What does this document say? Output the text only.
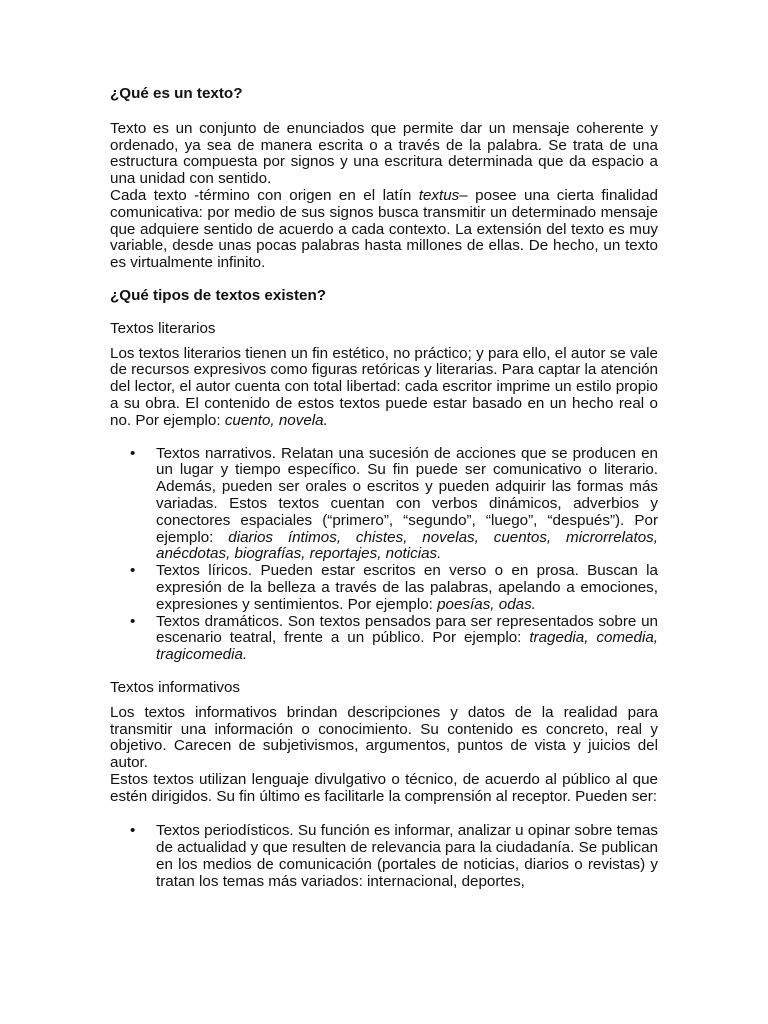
¿Qué es un texto?

Texto es un conjunto de enunciados que permite dar un mensaje coherente y ordenado, ya sea de manera escrita o a través de la palabra. Se trata de una estructura compuesta por signos y una escritura determinada que da espacio a una unidad con sentido.

Cada texto -término con origen en el latín textus– posee una cierta finalidad comunicativa: por medio de sus signos busca transmitir un determinado mensaje que adquiere sentido de acuerdo a cada contexto. La extensión del texto es muy variable, desde unas pocas palabras hasta millones de ellas. De hecho, un texto es virtualmente infinito.

¿Qué tipos de textos existen?

Textos literarios

Los textos literarios tienen un fin estético, no práctico; y para ello, el autor se vale de recursos expresivos como figuras retóricas y literarias. Para captar la atención del lector, el autor cuenta con total libertad: cada escritor imprime un estilo propio a su obra. El contenido de estos textos puede estar basado en un hecho real o no. Por ejemplo: cuento, novela.

• Textos narrativos. Relatan una sucesión de acciones que se producen en un lugar y tiempo específico. Su fin puede ser comunicativo o literario. Además, pueden ser orales o escritos y pueden adquirir las formas más variadas. Estos textos cuentan con verbos dinámicos, adverbios y conectores espaciales (“primero”, “segundo”, “luego”, “después”). Por ejemplo: diarios íntimos, chistes, novelas, cuentos, microrrelatos, anécdotas, biografías, reportajes, noticias.
• Textos líricos. Pueden estar escritos en verso o en prosa. Buscan la expresión de la belleza a través de las palabras, apelando a emociones, expresiones y sentimientos. Por ejemplo: poesías, odas.
• Textos dramáticos. Son textos pensados para ser representados sobre un escenario teatral, frente a un público. Por ejemplo: tragedia, comedia, tragicomedia.

Textos informativos

Los textos informativos brindan descripciones y datos de la realidad para transmitir una información o conocimiento. Su contenido es concreto, real y objetivo. Carecen de subjetivismos, argumentos, puntos de vista y juicios del autor.

Estos textos utilizan lenguaje divulgativo o técnico, de acuerdo al público al que estén dirigidos. Su fin último es facilitarle la comprensión al receptor. Pueden ser:

• Textos periodísticos. Su función es informar, analizar u opinar sobre temas de actualidad y que resulten de relevancia para la ciudadanía. Se publican en los medios de comunicación (portales de noticias, diarios o revistas) y tratan los temas más variados: internacional, deportes,
